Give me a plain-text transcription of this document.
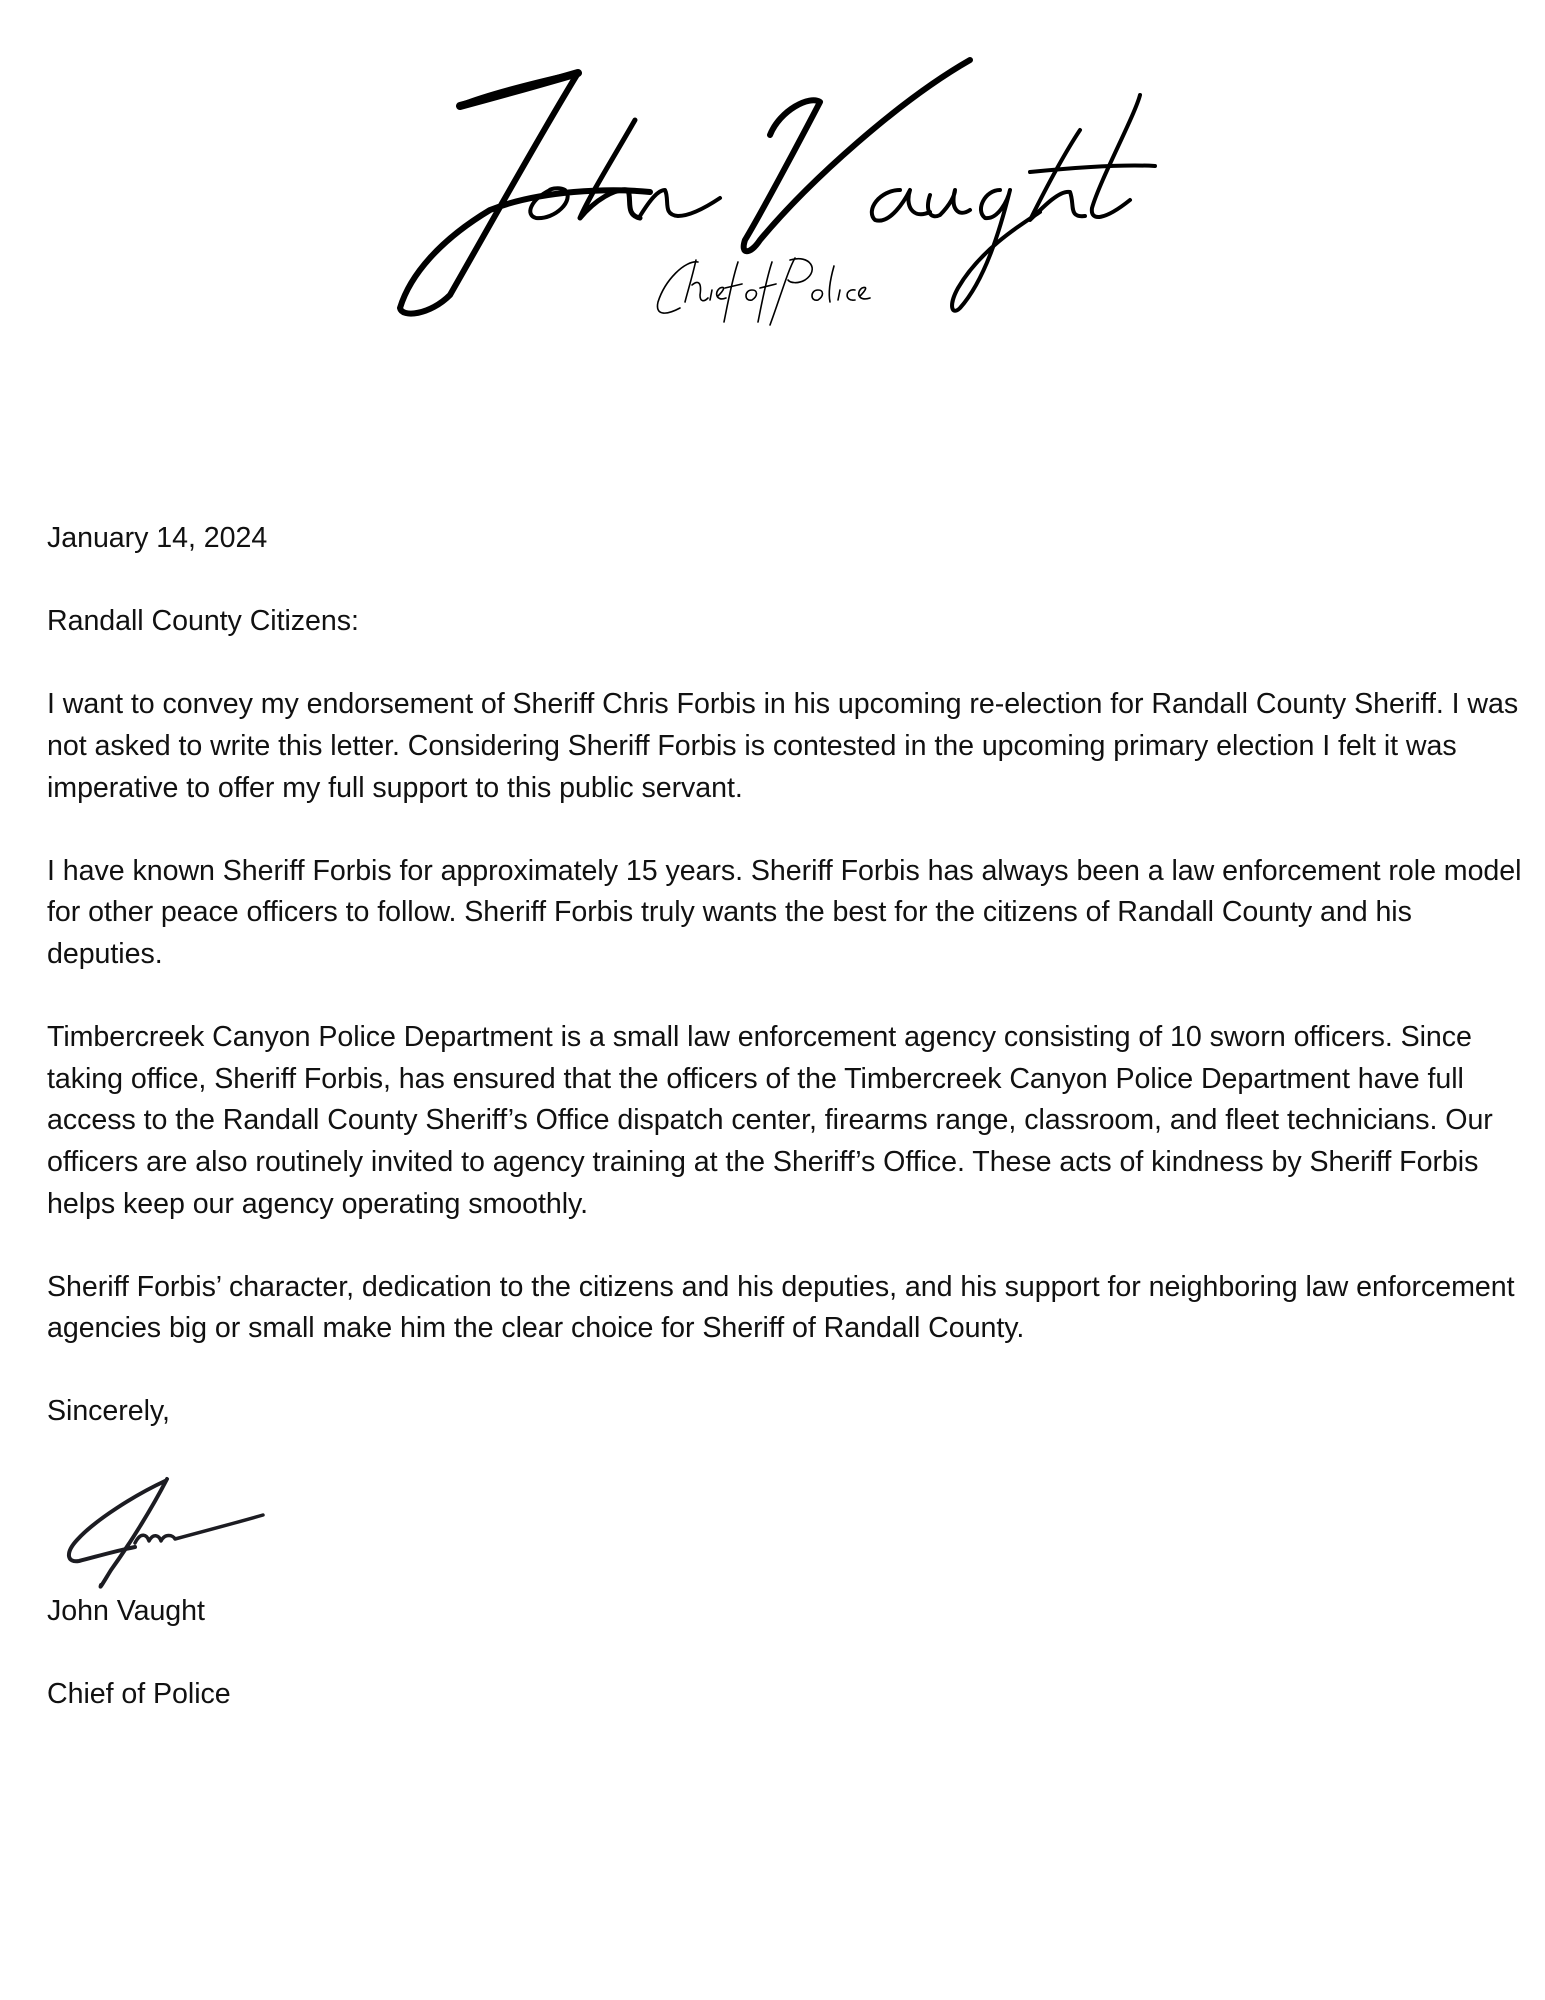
January 14, 2024

Randall County Citizens:

I want to convey my endorsement of Sheriff Chris Forbis in his upcoming re-election for Randall County Sheriff. I was not asked to write this letter. Considering Sheriff Forbis is contested in the upcoming primary election I felt it was imperative to offer my full support to this public servant.

I have known Sheriff Forbis for approximately 15 years. Sheriff Forbis has always been a law enforcement role model for other peace officers to follow. Sheriff Forbis truly wants the best for the citizens of Randall County and his deputies.

Timbercreek Canyon Police Department is a small law enforcement agency consisting of 10 sworn officers. Since taking office, Sheriff Forbis, has ensured that the officers of the Timbercreek Canyon Police Department have full access to the Randall County Sheriff’s Office dispatch center, firearms range, classroom, and fleet technicians. Our officers are also routinely invited to agency training at the Sheriff’s Office. These acts of kindness by Sheriff Forbis helps keep our agency operating smoothly.

Sheriff Forbis’ character, dedication to the citizens and his deputies, and his support for neighboring law enforcement agencies big or small make him the clear choice for Sheriff of Randall County.

Sincerely,

John Vaught

Chief of Police
